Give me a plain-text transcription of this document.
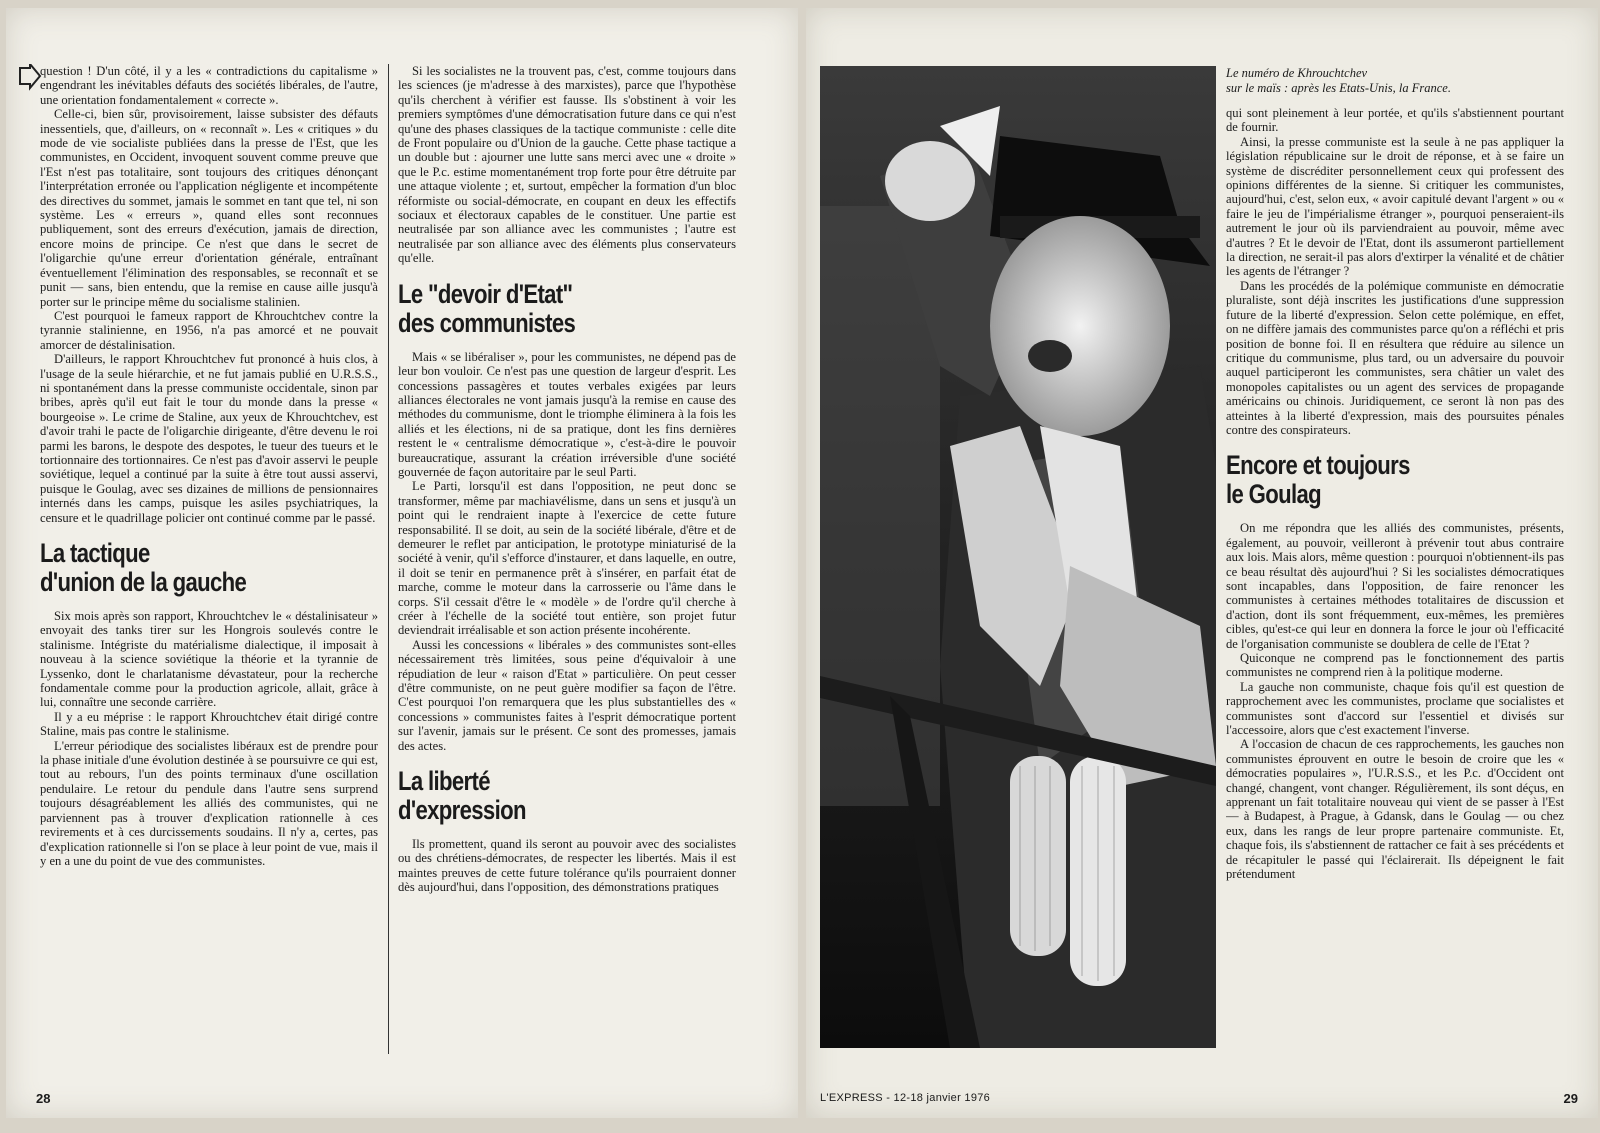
question ! D'un côté, il y a les « contradictions du capitalisme » engendrant les inévitables défauts des sociétés libérales, de l'autre, une orientation fondamentalement « correcte ».

Celle-ci, bien sûr, provisoirement, laisse subsister des défauts inessentiels, que, d'ailleurs, on « reconnaît ». Les « critiques » du mode de vie socialiste publiées dans la presse de l'Est, que les communistes, en Occident, invoquent souvent comme preuve que l'Est n'est pas totalitaire, sont toujours des critiques dénonçant l'interprétation erronée ou l'application négligente et incompétente des directives du sommet, jamais le sommet en tant que tel, ni son système. Les « erreurs », quand elles sont reconnues publiquement, sont des erreurs d'exécution, jamais de direction, encore moins de principe. Ce n'est que dans le secret de l'oligarchie qu'une erreur d'orientation générale, entraînant éventuellement l'élimination des responsables, se reconnaît et se punit — sans, bien entendu, que la remise en cause aille jusqu'à porter sur le principe même du socialisme stalinien.

C'est pourquoi le fameux rapport de Khrouchtchev contre la tyrannie stalinienne, en 1956, n'a pas amorcé et ne pouvait amorcer de déstalinisation.

D'ailleurs, le rapport Khrouchtchev fut prononcé à huis clos, à l'usage de la seule hiérarchie, et ne fut jamais publié en U.R.S.S., ni spontanément dans la presse communiste occidentale, sinon par bribes, après qu'il eut fait le tour du monde dans la presse « bourgeoise ». Le crime de Staline, aux yeux de Khrouchtchev, est d'avoir trahi le pacte de l'oligarchie dirigeante, d'être devenu le roi parmi les barons, le despote des despotes, le tueur des tueurs et le tortionnaire des tortionnaires. Ce n'est pas d'avoir asservi le peuple soviétique, lequel a continué par la suite à être tout aussi asservi, puisque le Goulag, avec ses dizaines de millions de pensionnaires internés dans les camps, puisque les asiles psychiatriques, la censure et le quadrillage policier ont continué comme par le passé.

La tactique
d'union de la gauche

Six mois après son rapport, Khrouchtchev le « déstalinisateur » envoyait des tanks tirer sur les Hongrois soulevés contre le stalinisme. Intégriste du matérialisme dialectique, il imposait à nouveau à la science soviétique la théorie et la tyrannie de Lyssenko, dont le charlatanisme dévastateur, pour la recherche fondamentale comme pour la production agricole, allait, grâce à lui, connaître une seconde carrière.

Il y a eu méprise : le rapport Khrouchtchev était dirigé contre Staline, mais pas contre le stalinisme.

L'erreur périodique des socialistes libéraux est de prendre pour la phase initiale d'une évolution destinée à se poursuivre ce qui est, tout au rebours, l'un des points terminaux d'une oscillation pendulaire. Le retour du pendule dans l'autre sens surprend toujours désagréablement les alliés des communistes, qui ne parviennent pas à trouver d'explication rationnelle à ces revirements et à ces durcissements soudains. Il n'y a, certes, pas d'explication rationnelle si l'on se place à leur point de vue, mais il y en a une du point de vue des communistes.

Si les socialistes ne la trouvent pas, c'est, comme toujours dans les sciences (je m'adresse à des marxistes), parce que l'hypothèse qu'ils cherchent à vérifier est fausse. Ils s'obstinent à voir les premiers symptômes d'une démocratisation future dans ce qui n'est qu'une des phases classiques de la tactique communiste : celle dite de Front populaire ou d'Union de la gauche. Cette phase tactique a un double but : ajourner une lutte sans merci avec une « droite » que le P.c. estime momentanément trop forte pour être détruite par une attaque violente ; et, surtout, empêcher la formation d'un bloc réformiste ou social-démocrate, en coupant en deux les effectifs sociaux et électoraux capables de le constituer. Une partie est neutralisée par son alliance avec les communistes ; l'autre est neutralisée par son alliance avec des éléments plus conservateurs qu'elle.

Le "devoir d'Etat"
des communistes

Mais « se libéraliser », pour les communistes, ne dépend pas de leur bon vouloir. Ce n'est pas une question de largeur d'esprit. Les concessions passagères et toutes verbales exigées par leurs alliances électorales ne vont jamais jusqu'à la remise en cause des méthodes du communisme, dont le triomphe éliminera à la fois les alliés et les élections, ni de sa pratique, dont les fins dernières restent le « centralisme démocratique », c'est-à-dire le pouvoir bureaucratique, assurant la création irréversible d'une société gouvernée de façon autoritaire par le seul Parti.

Le Parti, lorsqu'il est dans l'opposition, ne peut donc se transformer, même par machiavélisme, dans un sens et jusqu'à un point qui le rendraient inapte à l'exercice de cette future responsabilité. Il se doit, au sein de la société libérale, d'être et de demeurer le reflet par anticipation, le prototype miniaturisé de la société à venir, qu'il s'efforce d'instaurer, et dans laquelle, en outre, il doit se tenir en permanence prêt à s'insérer, en parfait état de marche, comme le moteur dans la carrosserie ou l'âme dans le corps. S'il cessait d'être le « modèle » de l'ordre qu'il cherche à créer à l'échelle de la société tout entière, son projet futur deviendrait irréalisable et son action présente incohérente.

Aussi les concessions « libérales » des communistes sont-elles nécessairement très limitées, sous peine d'équivaloir à une répudiation de leur « raison d'Etat » particulière. On peut cesser d'être communiste, on ne peut guère modifier sa façon de l'être. C'est pourquoi l'on remarquera que les plus substantielles des « concessions » communistes faites à l'esprit démocratique portent sur l'avenir, jamais sur le présent. Ce sont des promesses, jamais des actes.

La liberté
d'expression

Ils promettent, quand ils seront au pouvoir avec des socialistes ou des chrétiens-démocrates, de respecter les libertés. Mais il est maintes preuves de cette future tolérance qu'ils pourraient donner dès aujourd'hui, dans l'opposition, des démonstrations pratiques

28
Le numéro de Khrouchtchev
sur le maïs : après les Etats-Unis, la France.

qui sont pleinement à leur portée, et qu'ils s'abstiennent pourtant de fournir.

Ainsi, la presse communiste est la seule à ne pas appliquer la législation républicaine sur le droit de réponse, et à se faire un système de discréditer personnellement ceux qui professent des opinions différentes de la sienne. Si critiquer les communistes, aujourd'hui, c'est, selon eux, « avoir capitulé devant l'argent » ou « faire le jeu de l'impérialisme étranger », pourquoi penseraient-ils autrement le jour où ils parviendraient au pouvoir, même avec d'autres ? Et le devoir de l'Etat, dont ils assumeront partiellement la direction, ne serait-il pas alors d'extirper la vénalité et de châtier les agents de l'étranger ?

Dans les procédés de la polémique communiste en démocratie pluraliste, sont déjà inscrites les justifications d'une suppression future de la liberté d'expression. Selon cette polémique, en effet, on ne diffère jamais des communistes parce qu'on a réfléchi et pris position de bonne foi. Il en résultera que réduire au silence un critique du communisme, plus tard, ou un adversaire du pouvoir auquel participeront les communistes, sera châtier un valet des monopoles capitalistes ou un agent des services de propagande américains ou chinois. Juridiquement, ce seront là non pas des atteintes à la liberté d'expression, mais des poursuites pénales contre des conspirateurs.

Encore et toujours
le Goulag

On me répondra que les alliés des communistes, présents, également, au pouvoir, veilleront à prévenir tout abus contraire aux lois. Mais alors, même question : pourquoi n'obtiennent-ils pas ce beau résultat dès aujourd'hui ? Si les socialistes démocratiques sont incapables, dans l'opposition, de faire renoncer les communistes à certaines méthodes totalitaires de discussion et d'action, dont ils sont fréquemment, eux-mêmes, les premières cibles, qu'est-ce qui leur en donnera la force le jour où l'efficacité de l'organisation communiste se doublera de celle de l'Etat ?

Quiconque ne comprend pas le fonctionnement des partis communistes ne comprend rien à la politique moderne.

La gauche non communiste, chaque fois qu'il est question de rapprochement avec les communistes, proclame que socialistes et communistes sont d'accord sur l'essentiel et divisés sur l'accessoire, alors que c'est exactement l'inverse.

A l'occasion de chacun de ces rapprochements, les gauches non communistes éprouvent en outre le besoin de croire que les « démocraties populaires », l'U.R.S.S., et les P.c. d'Occident ont changé, changent, vont changer. Régulièrement, ils sont déçus, en apprenant un fait totalitaire nouveau qui vient de se passer à l'Est — à Budapest, à Prague, à Gdansk, dans le Goulag — ou chez eux, dans les rangs de leur propre partenaire communiste. Et, chaque fois, ils s'abstiennent de rattacher ce fait à ses précédents et de récapituler le passé qui l'éclairerait. Ils dépeignent le fait prétendument

L'EXPRESS - 12-18 janvier 1976	29
